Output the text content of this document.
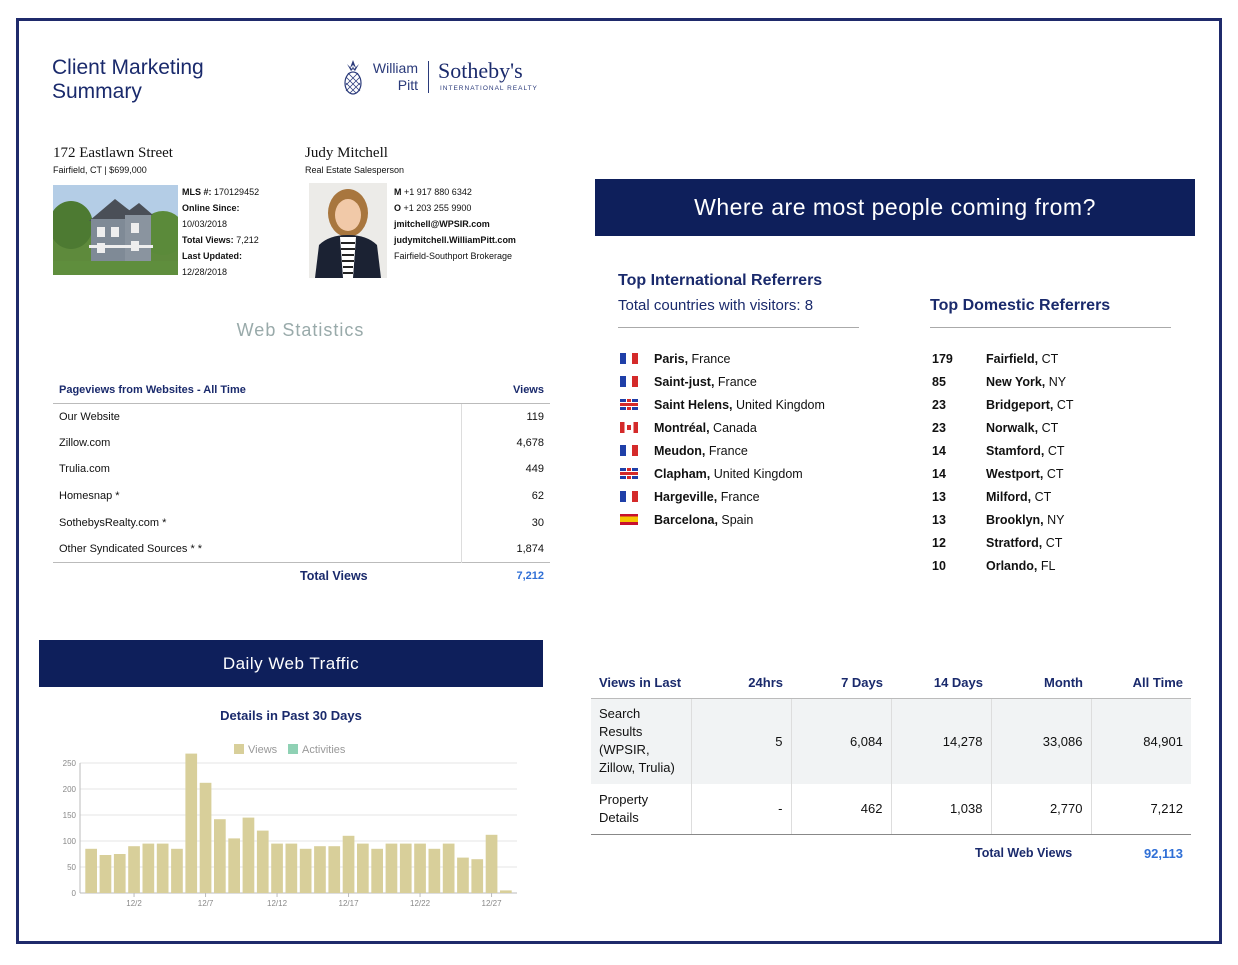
Client Marketing
Summary
William
Pitt
Sotheby's
INTERNATIONAL REALTY
172 Eastlawn Street
Fairfield, CT | $699,000
MLS #: 170129452
Online Since:
10/03/2018
Total Views: 7,212
Last Updated:
12/28/2018
Judy Mitchell
Real Estate Salesperson
M +1 917 880 6342
O +1 203 255 9900
jmitchell@WPSIR.com
judymitchell.WilliamPitt.com
Fairfield-Southport Brokerage
Web Statistics
Pageviews from Websites - All Time	Views
Our Website	119
Zillow.com	4,678
Trulia.com	449
Homesnap *	62
SothebysRealty.com *	30
Other Syndicated Sources * *	1,874
Total Views	7,212
Where are most people coming from?
Top International Referrers
Total countries with visitors: 8	Top Domestic Referrers
Paris, France
Saint-just, France
Saint Helens, United Kingdom
Montréal, Canada
Meudon, France
Clapham, United Kingdom
Hargeville, France
Barcelona, Spain
179	Fairfield, CT
85	New York, NY
23	Bridgeport, CT
23	Norwalk, CT
14	Stamford, CT
14	Westport, CT
13	Milford, CT
13	Brooklyn, NY
12	Stratford, CT
10	Orlando, FL
Daily Web Traffic
Details in Past 30 Days
Views Activities
0
50
100
150
200
250
12/2	12/7	12/12	12/17	12/22	12/27
Views in Last	24hrs	7 Days	14 Days	Month	All Time
Search Results (WPSIR, Zillow, Trulia)	5	6,084	14,278	33,086	84,901
Property Details	-	462	1,038	2,770	7,212
Total Web Views	92,113
